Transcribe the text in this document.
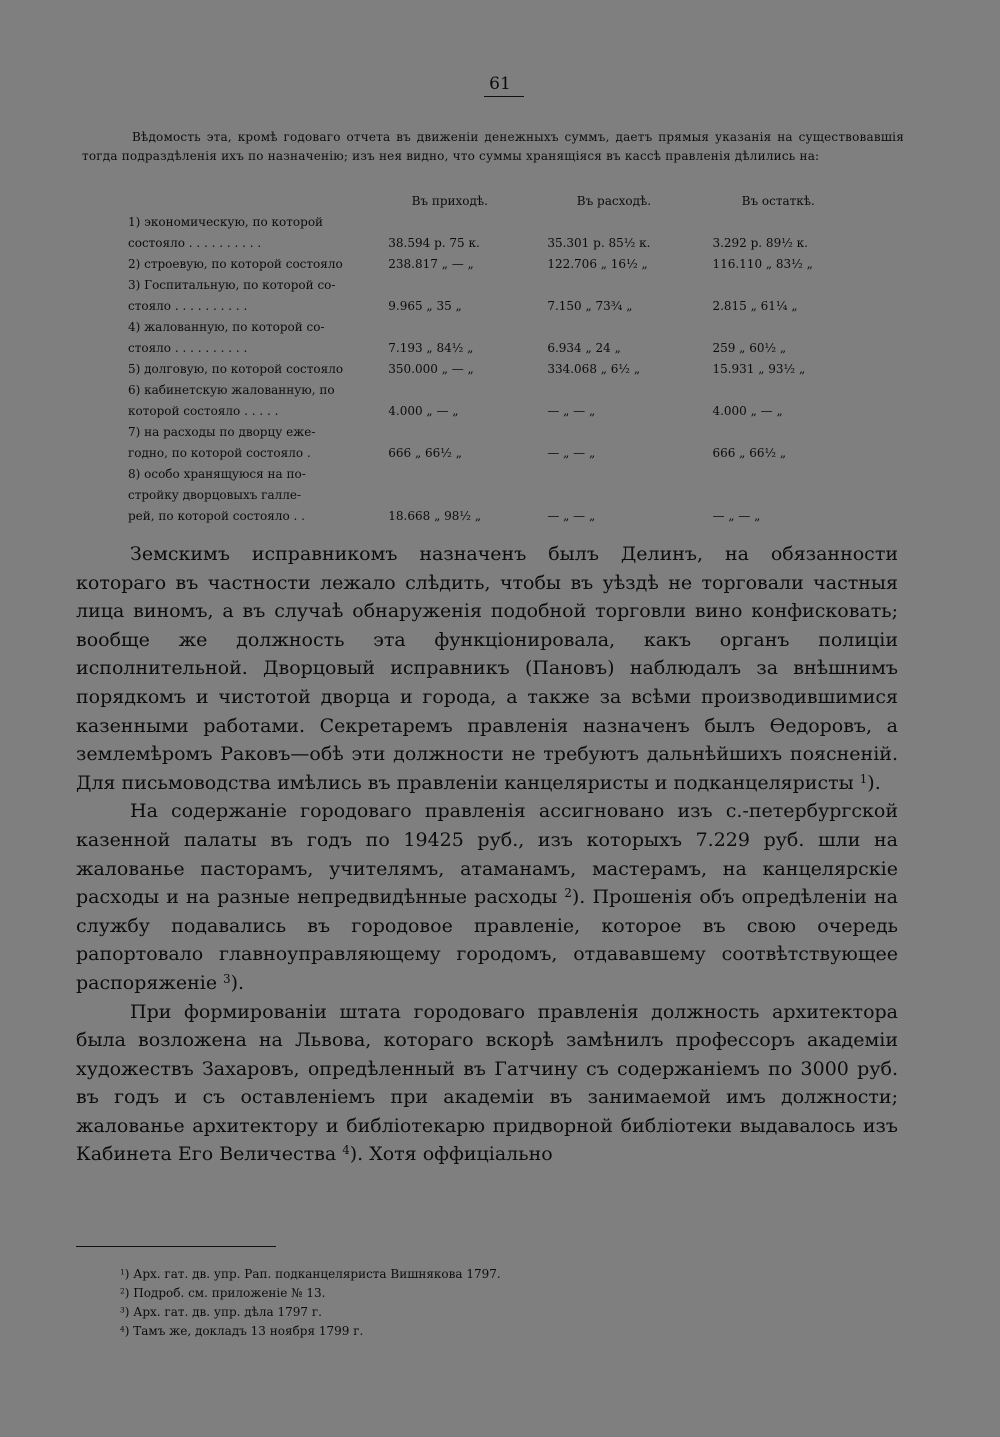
61

Вѣдомость эта, кромѣ годоваго отчета въ движеніи денежныхъ суммъ, даетъ прямыя указанія на существовавшія тогда подраздѣленія ихъ по назначенію; изъ нея видно, что суммы хранящіяся въ кассѣ правленія дѣлились на:

	Въ приходѣ.	Въ расходѣ.	Въ остаткѣ.
1) экономическую, по которой			
состояло . . . . . . . . . .	38.594 р. 75 к.	35.301 р. 85½ к.	3.292 р. 89½ к.
2) строевую, по которой состояло	238.817 „ — „	122.706 „ 16½ „	116.110 „ 83½ „
3) Госпитальную, по которой со-			
стояло . . . . . . . . . .	9.965 „ 35 „	7.150 „ 73¾ „	2.815 „ 61¼ „
4) жалованную, по которой со-			
стояло . . . . . . . . . .	7.193 „ 84½ „	6.934 „ 24 „	259 „ 60½ „
5) долговую, по которой состояло	350.000 „ — „	334.068 „ 6½ „	15.931 „ 93½ „
6) кабинетскую жалованную, по			
которой состояло . . . . .	4.000 „ — „	— „ — „	4.000 „ — „
7) на расходы по дворцу еже-			
годно, по которой состояло .	666 „ 66½ „	— „ — „	666 „ 66½ „
8) особо хранящуюся на по-			
стройку дворцовыхъ галле-			
рей, по которой состояло . .	18.668 „ 98½ „	— „ — „	— „ — „

Земскимъ исправникомъ назначенъ былъ Делинъ, на обязанности котораго въ частности лежало слѣдить, чтобы въ уѣздѣ не торговали частныя лица виномъ, а въ случаѣ обнаруженія подобной торговли вино конфисковать; вообще же должность эта функціонировала, какъ органъ полиціи исполнительной. Дворцовый исправникъ (Пановъ) наблюдалъ за внѣшнимъ порядкомъ и чистотой дворца и города, а также за всѣми производившимися казенными работами. Секретаремъ правленія назначенъ былъ Ѳедоровъ, а землемѣромъ Раковъ—обѣ эти должности не требуютъ дальнѣйшихъ поясненій. Для письмоводства имѣлись въ правленіи канцеляристы и подканцеляристы $^1$).

На содержаніе городоваго правленія ассигновано изъ с.-петербургской казенной палаты въ годъ по 19425 руб., изъ которыхъ 7.229 руб. шли на жалованье пасторамъ, учителямъ, атаманамъ, мастерамъ, на канцелярскіе расходы и на разные непредвидѣнные расходы $^2$). Прошенія объ опредѣленіи на службу подавались въ городовое правленіе, которое въ свою очередь рапортовало главноуправляющему городомъ, отдававшему соотвѣтствующее распоряженіе $^3$).

При формированіи штата городоваго правленія должность архитектора была возложена на Львова, котораго вскорѣ замѣнилъ профессоръ академіи художествъ Захаровъ, опредѣленный въ Гатчину съ содержаніемъ по 3000 руб. въ годъ и съ оставленіемъ при академіи въ занимаемой имъ должности; жалованье архитектору и библіотекарю придворной библіотеки выдавалось изъ Кабинета Его Величества $^4$). Хотя оффиціально

$^1$) Арх. гат. дв. упр. Рап. подканцеляриста Вишнякова 1797.
$^2$) Подроб. см. приложеніе № 13.
$^3$) Арх. гат. дв. упр. дѣла 1797 г.
$^4$) Тамъ же, докладъ 13 ноября 1799 г.
